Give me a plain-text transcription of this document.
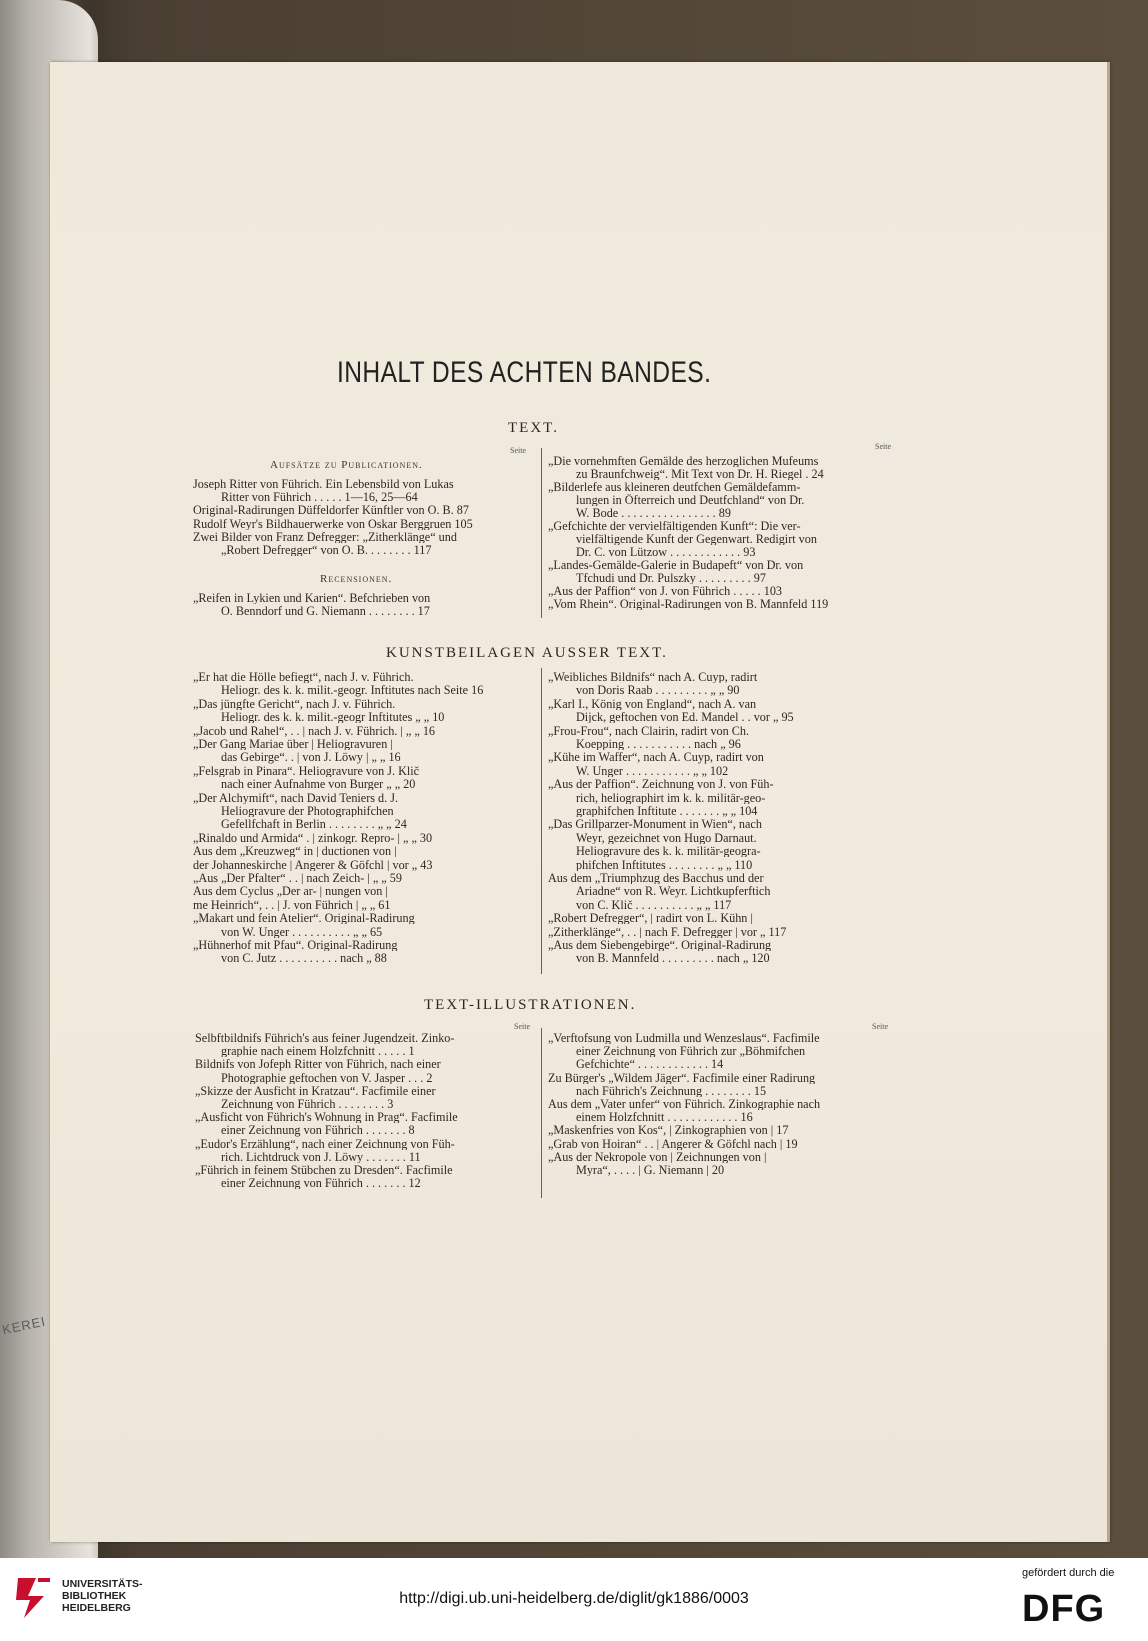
KEREI
INHALT DES ACHTEN BANDES.
TEXT.
Seite	Seite
Aufsätze zu Publicationen.
Joseph Ritter von Führich. Ein Lebensbild von Lukas
Ritter von Führich . . . . . 1—16, 25—64
Original-Radirungen Düffeldorfer Künftler von O. B. 87
Rudolf Weyr's Bildhauerwerke von Oskar Berggruen 105
Zwei Bilder von Franz Defregger: „Zitherklänge“ und
„Robert Defregger“ von O. B. . . . . . . . 117
Recensionen.
„Reifen in Lykien und Karien“. Befchrieben von
O. Benndorf und G. Niemann . . . . . . . . 17
„Die vornehmften Gemälde des herzoglichen Mufeums
zu Braunfchweig“. Mit Text von Dr. H. Riegel . 24
„Bilderlefe aus kleineren deutfchen Gemäldefamm-
lungen in Öfterreich und Deutfchland“ von Dr.
W. Bode . . . . . . . . . . . . . . . . 89
„Gefchichte der vervielfältigenden Kunft“: Die ver-
vielfältigende Kunft der Gegenwart. Redigirt von
Dr. C. von Lützow . . . . . . . . . . . . 93
„Landes-Gemälde-Galerie in Budapeft“ von Dr. von
Tfchudi und Dr. Pulszky . . . . . . . . . 97
„Aus der Paffion“ von J. von Führich . . . . . 103
„Vom Rhein“. Original-Radirungen von B. Mannfeld 119
KUNSTBEILAGEN AUSSER TEXT.
„Er hat die Hölle befiegt“, nach J. v. Führich.
Heliogr. des k. k. milit.-geogr. Inftitutes nach Seite 16
„Das jüngfte Gericht“, nach J. v. Führich.
Heliogr. des k. k. milit.-geogr Inftitutes „ „ 10
„Jacob und Rahel“, . . | nach J. v. Führich. | „ „ 16
„Der Gang Mariae über | Heliogravuren |
das Gebirge“. . | von J. Löwy | „ „ 16
„Felsgrab in Pinara“. Heliogravure von J. Klič
nach einer Aufnahme von Burger „ „ 20
„Der Alchymift“, nach David Teniers d. J.
Heliogravure der Photographifchen
Gefellfchaft in Berlin . . . . . . . . „ „ 24
„Rinaldo und Armida“ . | zinkogr. Repro- | „ „ 30
Aus dem „Kreuzweg“ in | ductionen von |
der Johanneskirche | Angerer & Göfchl | vor „ 43
„Aus „Der Pfalter“ . . | nach Zeich- | „ „ 59
Aus dem Cyclus „Der ar- | nungen von |
me Heinrich“, . . | J. von Führich | „ „ 61
„Makart und fein Atelier“. Original-Radirung
von W. Unger . . . . . . . . . . „ „ 65
„Hühnerhof mit Pfau“. Original-Radirung
von C. Jutz . . . . . . . . . . nach „ 88
„Weibliches Bildnifs“ nach A. Cuyp, radirt
von Doris Raab . . . . . . . . . „ „ 90
„Karl I., König von England“, nach A. van
Dijck, geftochen von Ed. Mandel . . vor „ 95
„Frou-Frou“, nach Clairin, radirt von Ch.
Koepping . . . . . . . . . . . nach „ 96
„Kühe im Waffer“, nach A. Cuyp, radirt von
W. Unger . . . . . . . . . . . „ „ 102
„Aus der Paffion“. Zeichnung von J. von Füh-
rich, heliographirt im k. k. militär-geo-
graphifchen Inftitute . . . . . . . „ „ 104
„Das Grillparzer-Monument in Wien“, nach
Weyr, gezeichnet von Hugo Darnaut.
Heliogravure des k. k. militär-geogra-
phifchen Inftitutes . . . . . . . . „ „ 110
Aus dem „Triumphzug des Bacchus und der
Ariadne“ von R. Weyr. Lichtkupferftich
von C. Klič . . . . . . . . . . „ „ 117
„Robert Defregger“, | radirt von L. Kühn |
„Zitherklänge“, . . | nach F. Defregger | vor „ 117
„Aus dem Siebengebirge“. Original-Radirung
von B. Mannfeld . . . . . . . . . nach „ 120
TEXT-ILLUSTRATIONEN.
Seite	Seite
Selbftbildnifs Führich's aus feiner Jugendzeit. Zinko-
graphie nach einem Holzfchnitt . . . . . 1
Bildnifs von Jofeph Ritter von Führich, nach einer
Photographie geftochen von V. Jasper . . . 2
„Skizze der Ausficht in Kratzau“. Facfimile einer
Zeichnung von Führich . . . . . . . . 3
„Ausficht von Führich's Wohnung in Prag“. Facfimile
einer Zeichnung von Führich . . . . . . . 8
„Eudor's Erzählung“, nach einer Zeichnung von Füh-
rich. Lichtdruck von J. Löwy . . . . . . . 11
„Führich in feinem Stübchen zu Dresden“. Facfimile
einer Zeichnung von Führich . . . . . . . 12
„Verftofsung von Ludmilla und Wenzeslaus“. Facfimile
einer Zeichnung von Führich zur „Böhmifchen
Gefchichte“ . . . . . . . . . . . . 14
Zu Bürger's „Wildem Jäger“. Facfimile einer Radirung
nach Führich's Zeichnung . . . . . . . . 15
Aus dem „Vater unfer“ von Führich. Zinkographie nach
einem Holzfchnitt . . . . . . . . . . . . 16
„Maskenfries von Kos“, | Zinkographien von | 17
„Grab von Hoiran“ . . | Angerer & Göfchl nach | 19
„Aus der Nekropole von | Zeichnungen von |
Myra“, . . . . | G. Niemann | 20
UNIVERSITÄTS-
BIBLIOTHEK
HEIDELBERG
http://digi.ub.uni-heidelberg.de/diglit/gk1886/0003
gefördert durch die
DFG
